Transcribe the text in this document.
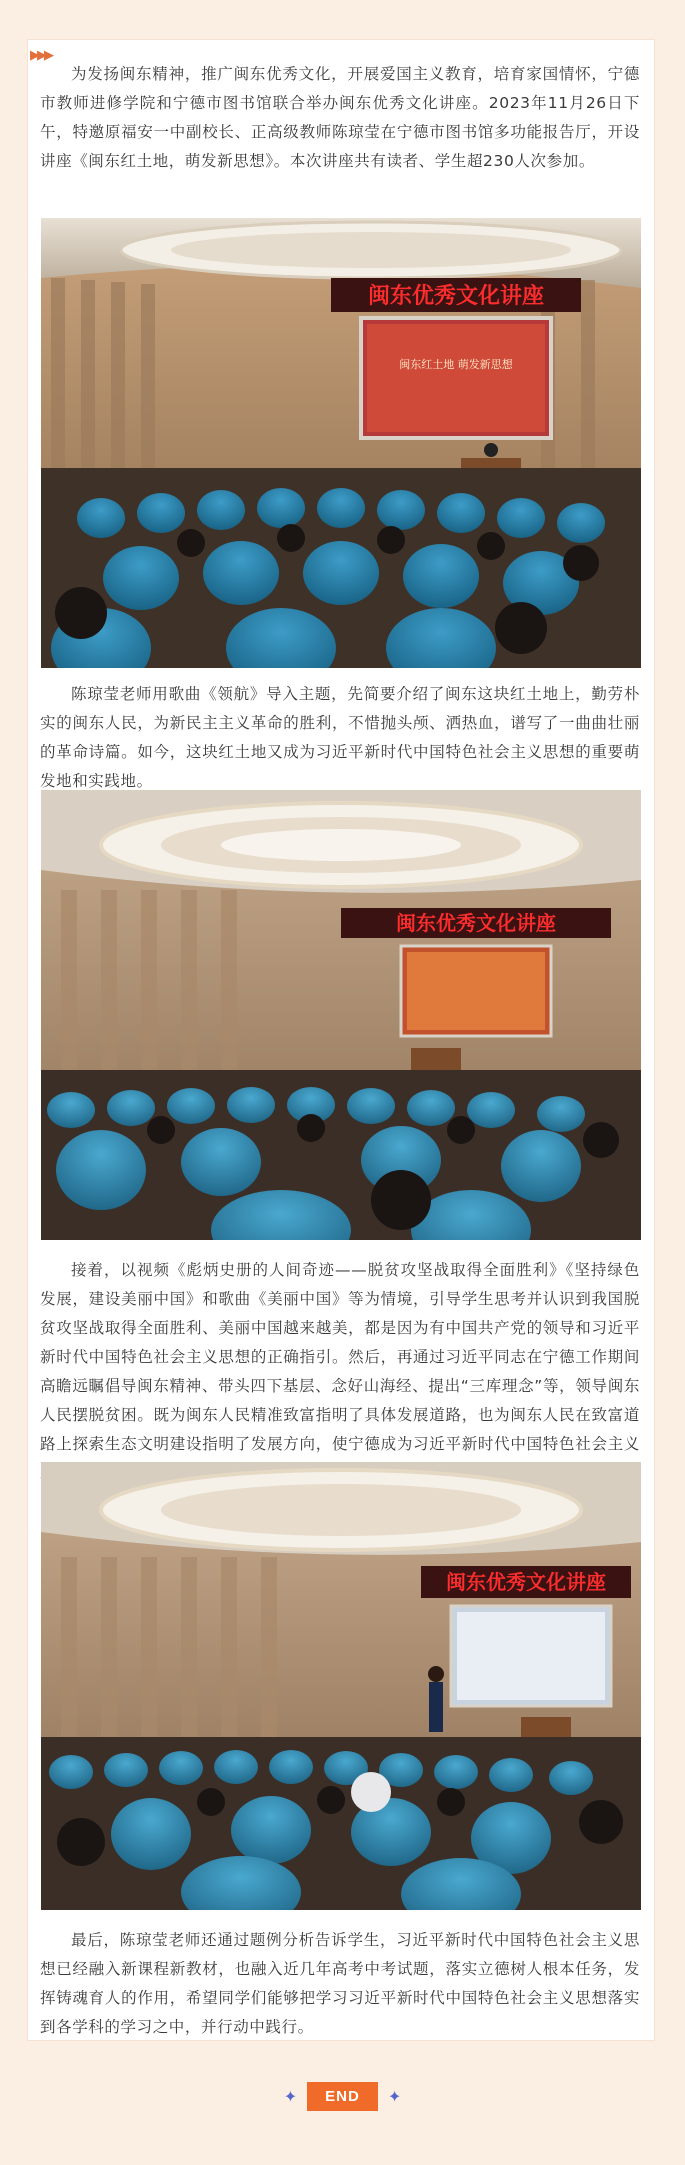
▶▶▶

为发扬闽东精神，推广闽东优秀文化，开展爱国主义教育，培育家国情怀，宁德市教师进修学院和宁德市图书馆联合举办闽东优秀文化讲座。2023年11月26日下午，特邀原福安一中副校长、正高级教师陈琼莹在宁德市图书馆多功能报告厅，开设讲座《闽东红土地，萌发新思想》。本次讲座共有读者、学生超230人次参加。

闽东优秀文化讲座
闽东红土地 萌发新思想

陈琼莹老师用歌曲《领航》导入主题，先简要介绍了闽东这块红土地上，勤劳朴实的闽东人民，为新民主主义革命的胜利，不惜抛头颅、洒热血，谱写了一曲曲壮丽的革命诗篇。如今，这块红土地又成为习近平新时代中国特色社会主义思想的重要萌发地和实践地。

闽东优秀文化讲座

接着，以视频《彪炳史册的人间奇迹——脱贫攻坚战取得全面胜利》《坚持绿色发展，建设美丽中国》和歌曲《美丽中国》等为情境，引导学生思考并认识到我国脱贫攻坚战取得全面胜利、美丽中国越来越美，都是因为有中国共产党的领导和习近平新时代中国特色社会主义思想的正确指引。然后，再通过习近平同志在宁德工作期间高瞻远瞩倡导闽东精神、带头四下基层、念好山海经、提出“三库理念”等，领导闽东人民摆脱贫困。既为闽东人民精准致富指明了具体发展道路，也为闽东人民在致富道路上探索生态文明建设指明了发展方向，使宁德成为习近平新时代中国特色社会主义

闽东优秀文化讲座

最后，陈琼莹老师还通过题例分析告诉学生，习近平新时代中国特色社会主义思想已经融入新课程新教材，也融入近几年高考中考试题，落实立德树人根本任务，发挥铸魂育人的作用，希望同学们能够把学习习近平新时代中国特色社会主义思想落实到各学科的学习之中，并行动中践行。

✦	END	✦
